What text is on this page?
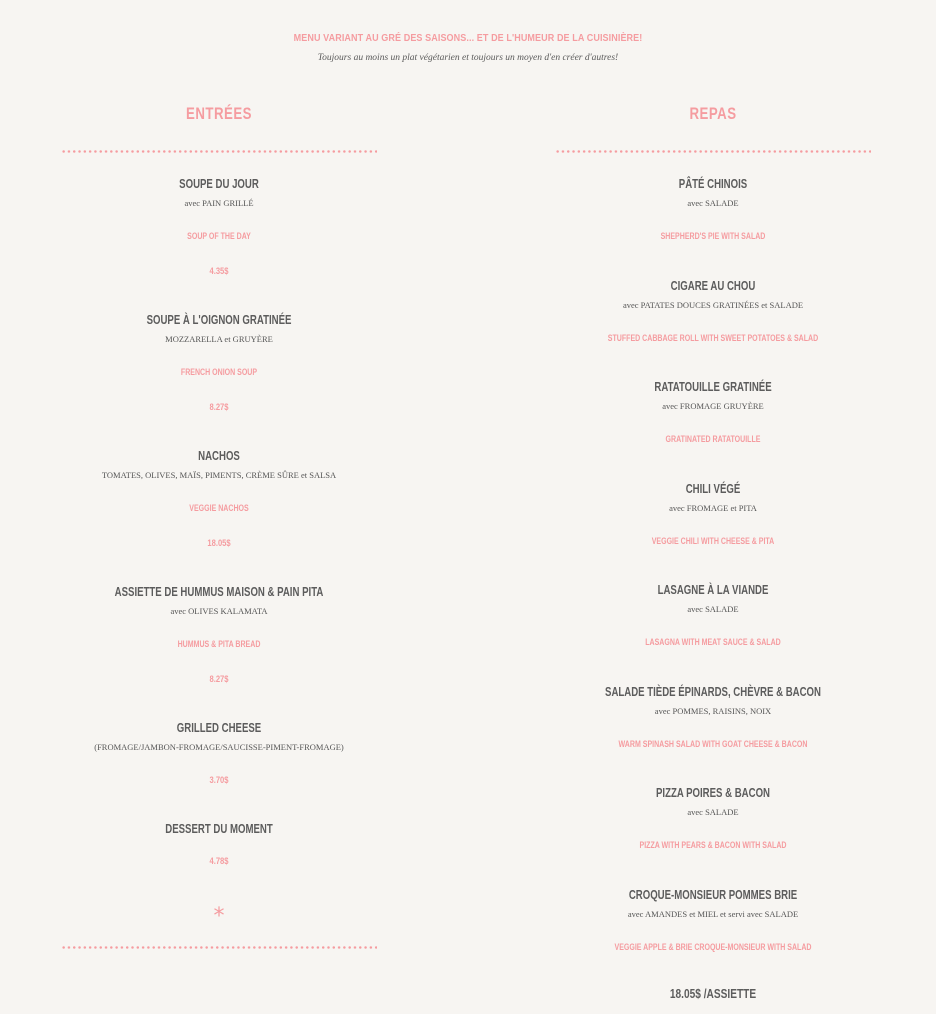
MENU VARIANT AU GRÉ DES SAISONS... ET DE L'HUMEUR DE LA CUISINIÈRE!
Toujours au moins un plat végétarien et toujours un moyen d'en créer d'autres!
ENTRÉES
SOUPE DU JOUR
avec PAIN GRILLÉ
SOUP OF THE DAY
4.35$
SOUPE À L'OIGNON GRATINÉE
MOZZARELLA et GRUYÈRE
FRENCH ONION SOUP
8.27$
NACHOS
TOMATES, OLIVES, MAÏS, PIMENTS, CRÈME SÛRE et SALSA
VEGGIE NACHOS
18.05$
ASSIETTE DE HUMMUS MAISON & PAIN PITA
avec OLIVES KALAMATA
HUMMUS & PITA BREAD
8.27$
GRILLED CHEESE
(FROMAGE/JAMBON-FROMAGE/SAUCISSE-PIMENT-FROMAGE)
3.70$
DESSERT DU MOMENT
4.78$
*
REPAS
PÂTÉ CHINOIS
avec SALADE
SHEPHERD'S PIE WITH SALAD
CIGARE AU CHOU
avec PATATES DOUCES GRATINÉES et SALADE
STUFFED CABBAGE ROLL WITH SWEET POTATOES & SALAD
RATATOUILLE GRATINÉE
avec FROMAGE GRUYÈRE
GRATINATED RATATOUILLE
CHILI VÉGÉ
avec FROMAGE et PITA
VEGGIE CHILI WITH CHEESE & PITA
LASAGNE À LA VIANDE
avec SALADE
LASAGNA WITH MEAT SAUCE & SALAD
SALADE TIÈDE ÉPINARDS, CHÈVRE & BACON
avec POMMES, RAISINS, NOIX
WARM SPINASH SALAD WITH GOAT CHEESE & BACON
PIZZA POIRES & BACON
avec SALADE
PIZZA WITH PEARS & BACON WITH SALAD
CROQUE-MONSIEUR POMMES BRIE
avec AMANDES et MIEL et servi avec SALADE
VEGGIE APPLE & BRIE CROQUE-MONSIEUR WITH SALAD
18.05$ /ASSIETTE
